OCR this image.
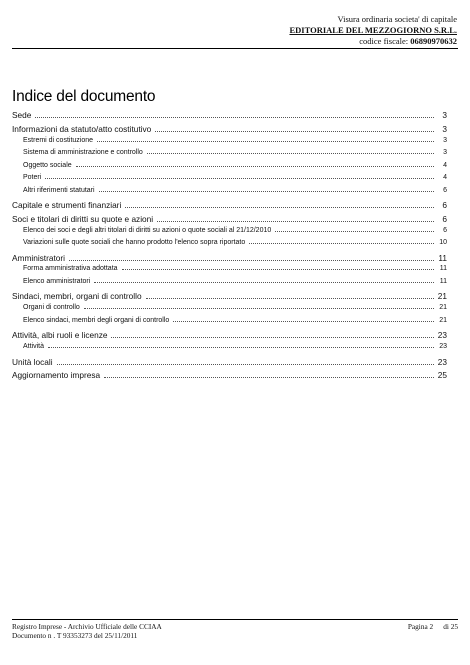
Visura ordinaria societa' di capitale
EDITORIALE DEL MEZZOGIORNO S.R.L.
codice fiscale: 06890970632
Indice del documento
Sede	3
Informazioni da statuto/atto costitutivo	3
Estremi di costituzione	3
Sistema di amministrazione e controllo	3
Oggetto sociale	4
Poteri	4
Altri riferimenti statutari	6
Capitale e strumenti finanziari	6
Soci e titolari di diritti su quote e azioni	6
Elenco dei soci e degli altri titolari di diritti su azioni o quote sociali al 21/12/2010	6
Variazioni sulle quote sociali che hanno prodotto l'elenco sopra riportato	10
Amministratori	11
Forma amministrativa adottata	11
Elenco amministratori	11
Sindaci, membri, organi di controllo	21
Organi di controllo	21
Elenco sindaci, membri degli organi di controllo	21
Attività, albi ruoli e licenze	23
Attività	23
Unità locali	23
Aggiornamento impresa	25
Registro Imprese - Archivio Ufficiale delle CCIAA
Documento n . T 93353273 del 25/11/2011
Pagina 2 di 25
